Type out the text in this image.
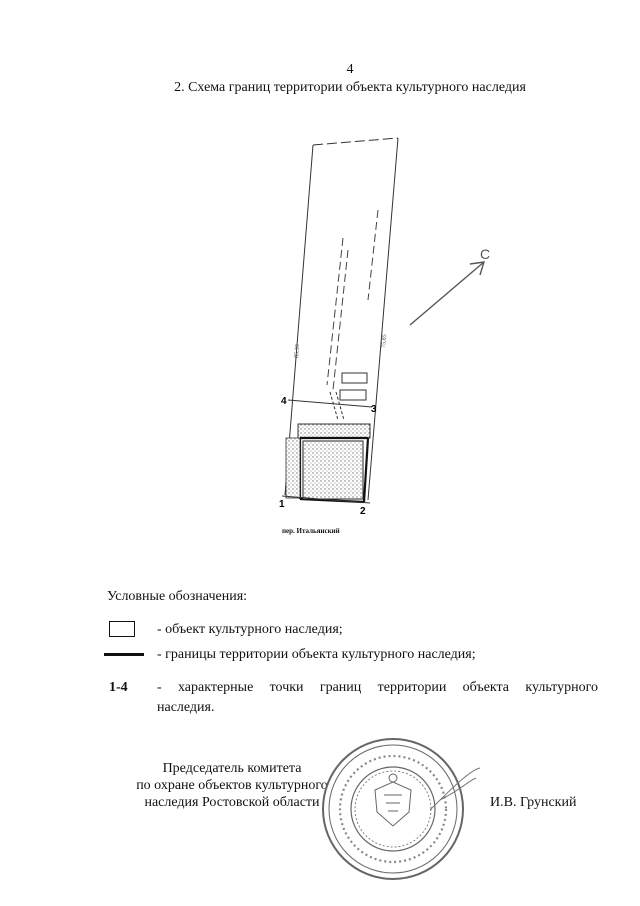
4
2. Схема границ территории объекта культурного наследия
1
2
3
4
85.33
75.85
С
пер. Итальянский
Условные обозначения:
- объект культурного наследия;
- границы территории объекта культурного наследия;
1-4 - характерные точки границ территории объекта культурного
наследия.
Председатель комитета
по охране объектов культурного
наследия Ростовской области	И.В. Грунский
